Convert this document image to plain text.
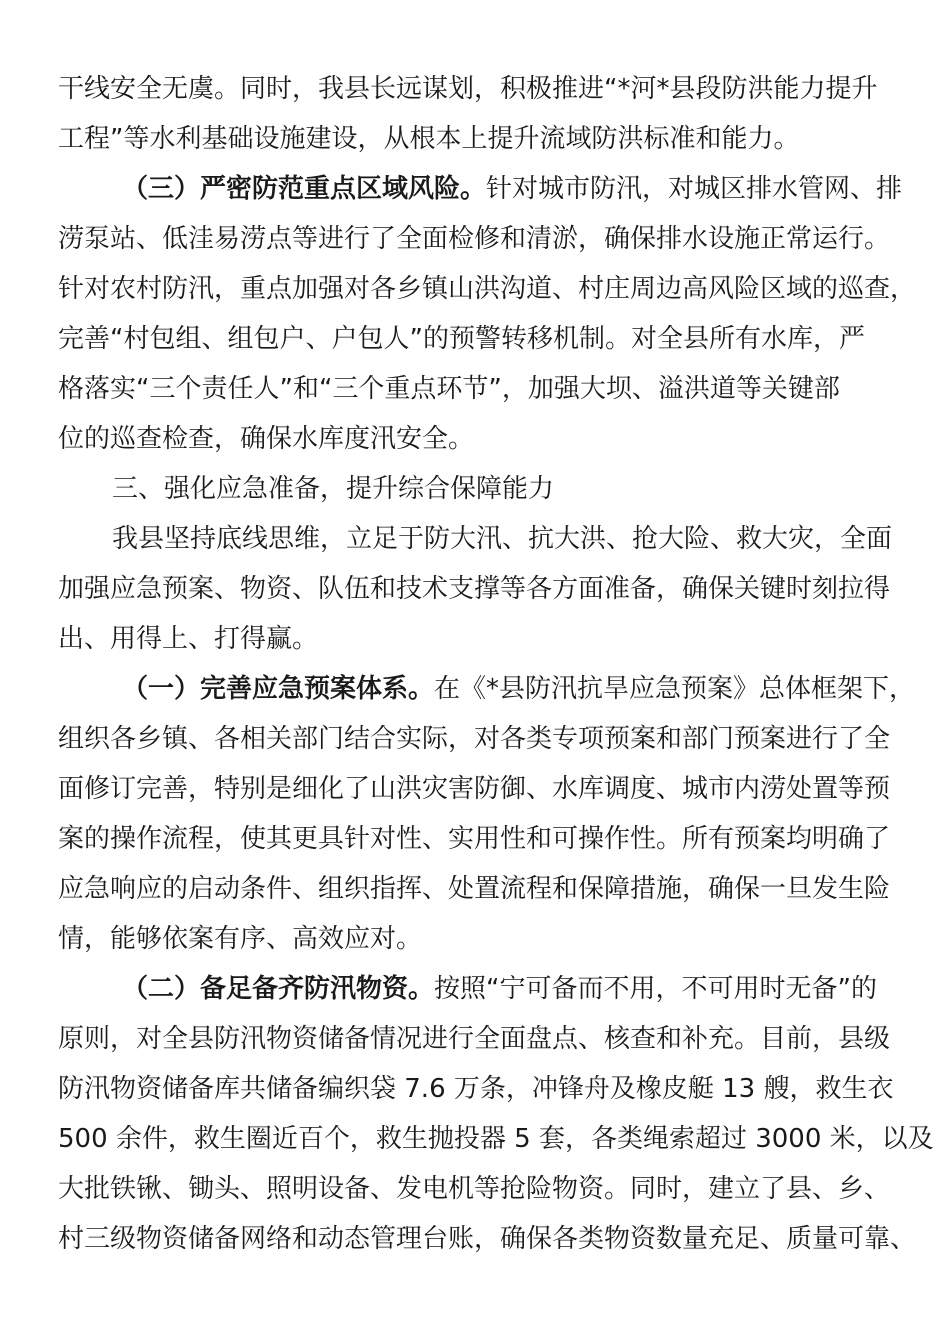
干线安全无虞。同时，我县长远谋划，积极推进“*河*县段防洪能力提升
工程”等水利基础设施建设，从根本上提升流域防洪标准和能力。
（三）严密防范重点区域风险。针对城市防汛，对城区排水管网、排
涝泵站、低洼易涝点等进行了全面检修和清淤，确保排水设施正常运行。
针对农村防汛，重点加强对各乡镇山洪沟道、村庄周边高风险区域的巡查，
完善“村包组、组包户、户包人”的预警转移机制。对全县所有水库，严
格落实“三个责任人”和“三个重点环节”，加强大坝、溢洪道等关键部
位的巡查检查，确保水库度汛安全。
三、强化应急准备，提升综合保障能力
我县坚持底线思维，立足于防大汛、抗大洪、抢大险、救大灾，全面
加强应急预案、物资、队伍和技术支撑等各方面准备，确保关键时刻拉得
出、用得上、打得赢。
（一）完善应急预案体系。在《*县防汛抗旱应急预案》总体框架下，
组织各乡镇、各相关部门结合实际，对各类专项预案和部门预案进行了全
面修订完善，特别是细化了山洪灾害防御、水库调度、城市内涝处置等预
案的操作流程，使其更具针对性、实用性和可操作性。所有预案均明确了
应急响应的启动条件、组织指挥、处置流程和保障措施，确保一旦发生险
情，能够依案有序、高效应对。
（二）备足备齐防汛物资。按照“宁可备而不用，不可用时无备”的
原则，对全县防汛物资储备情况进行全面盘点、核查和补充。目前，县级
防汛物资储备库共储备编织袋 7.6 万条，冲锋舟及橡皮艇 13 艘，救生衣
500 余件，救生圈近百个，救生抛投器 5 套，各类绳索超过 3000 米，以及
大批铁锹、锄头、照明设备、发电机等抢险物资。同时，建立了县、乡、
村三级物资储备网络和动态管理台账，确保各类物资数量充足、质量可靠、
